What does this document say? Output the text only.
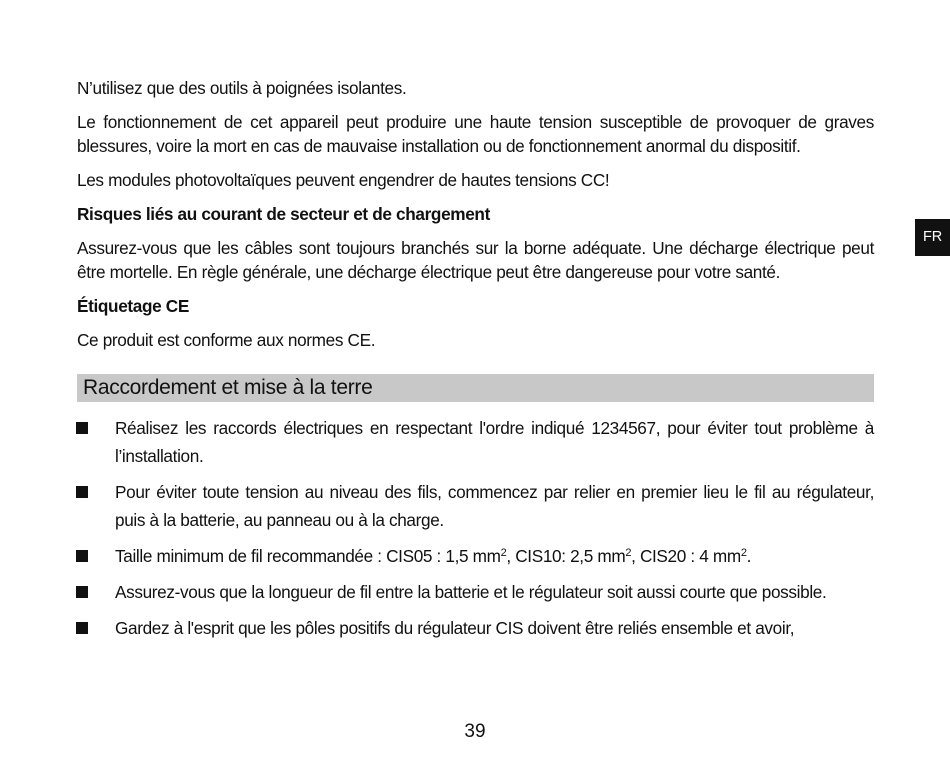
FR

N’utilisez que des outils à poignées isolantes.

Le fonctionnement de cet appareil peut produire une haute tension susceptible de provoquer de graves blessures, voire la mort en cas de mauvaise installation ou de fonctionnement anormal du dispositif.

Les modules photovoltaïques peuvent engendrer de hautes tensions CC!

Risques liés au courant de secteur et de chargement

Assurez-vous que les câbles sont toujours branchés sur la borne adéquate. Une décharge électrique peut être mortelle. En règle générale, une décharge électrique peut être dangereuse pour votre santé.

Étiquetage CE

Ce produit est conforme aux normes CE.

Raccordement et mise à la terre
Réalisez les raccords électriques en respectant l'ordre indiqué 1234567, pour éviter tout problème à l’installation.
Pour éviter toute tension au niveau des fils, commencez par relier en premier lieu le fil au régulateur, puis à la batterie, au panneau ou à la charge.
Taille minimum de fil recommandée : CIS05 : 1,5 $mm^2$, CIS10: 2,5 $mm^2$, CIS20 : 4 $mm^2$.
Assurez-vous que la longueur de fil entre la batterie et le régulateur soit aussi courte que possible.
Gardez à l'esprit que les pôles positifs du régulateur CIS doivent être reliés ensemble et avoir,
39
